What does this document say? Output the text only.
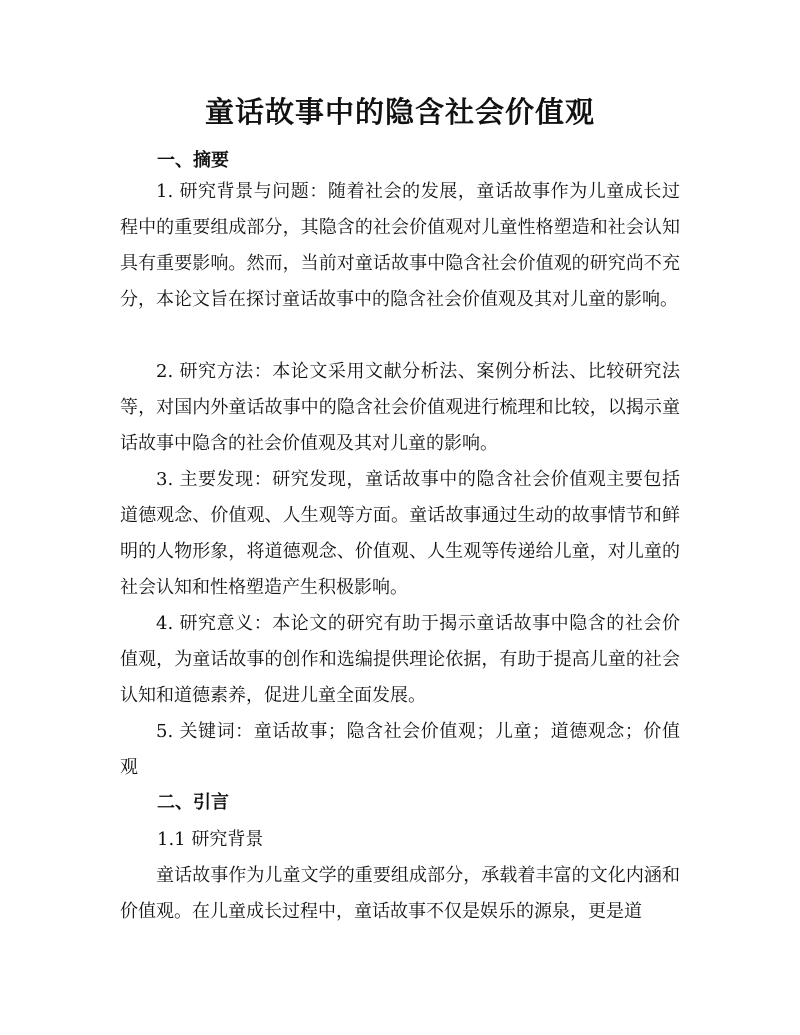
童话故事中的隐含社会价值观
一、摘要

1. 研究背景与问题：随着社会的发展，童话故事作为儿童成长过程中的重要组成部分，其隐含的社会价值观对儿童性格塑造和社会认知具有重要影响。然而，当前对童话故事中隐含社会价值观的研究尚不充分，本论文旨在探讨童话故事中的隐含社会价值观及其对儿童的影响。

2. 研究方法：本论文采用文献分析法、案例分析法、比较研究法等，对国内外童话故事中的隐含社会价值观进行梳理和比较，以揭示童话故事中隐含的社会价值观及其对儿童的影响。

3. 主要发现：研究发现，童话故事中的隐含社会价值观主要包括道德观念、价值观、人生观等方面。童话故事通过生动的故事情节和鲜明的人物形象，将道德观念、价值观、人生观等传递给儿童，对儿童的社会认知和性格塑造产生积极影响。

4. 研究意义：本论文的研究有助于揭示童话故事中隐含的社会价值观，为童话故事的创作和选编提供理论依据，有助于提高儿童的社会认知和道德素养，促进儿童全面发展。

5. 关键词：童话故事；隐含社会价值观；儿童；道德观念；价值观

二、引言
1.1 研究背景

童话故事作为儿童文学的重要组成部分，承载着丰富的文化内涵和价值观。在儿童成长过程中，童话故事不仅是娱乐的源泉，更是道
